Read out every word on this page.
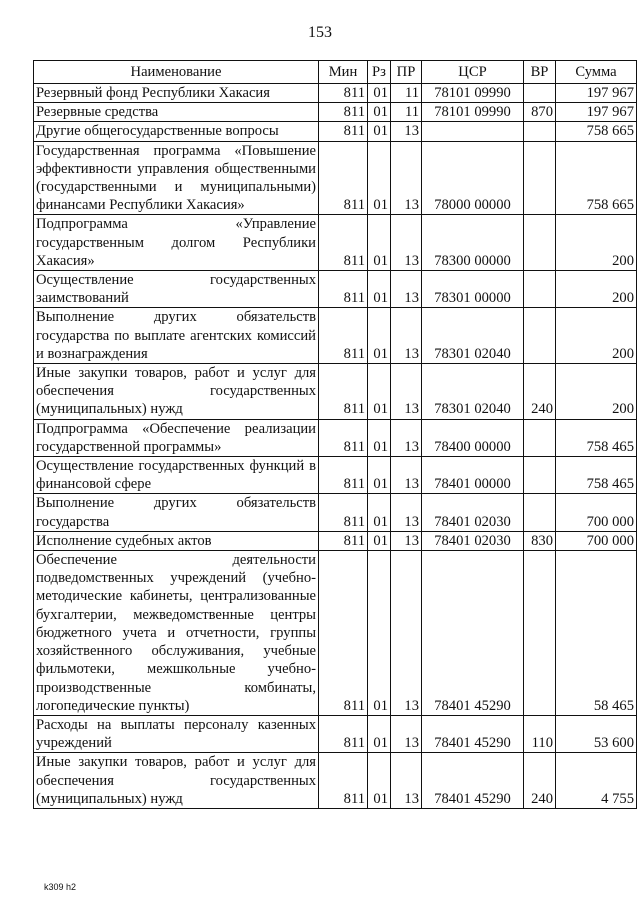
153
Наименование	Мин	Рз	ПР	ЦСР	ВР	Сумма
Резервный фонд Республики Хакасия	811	01	11	78101 09990		197 967
Резервные средства	811	01	11	78101 09990	870	197 967
Другие общегосударственные вопросы	811	01	13			758 665
Государственная программа «Повышение эффективности управления общественными (государственными и муниципальными) финансами Республики Хакасия»	811	01	13	78000 00000		758 665
Подпрограмма «Управление государственным долгом Республики Хакасия»	811	01	13	78300 00000		200
Осуществление государственных заимствований	811	01	13	78301 00000		200
Выполнение других обязательств государства по выплате агентских комиссий и вознаграждения	811	01	13	78301 02040		200
Иные закупки товаров, работ и услуг для обеспечения государственных (муниципальных) нужд	811	01	13	78301 02040	240	200
Подпрограмма «Обеспечение реализации государственной программы»	811	01	13	78400 00000		758 465
Осуществление государственных функций в финансовой сфере	811	01	13	78401 00000		758 465
Выполнение других обязательств государства	811	01	13	78401 02030		700 000
Исполнение судебных актов	811	01	13	78401 02030	830	700 000
Обеспечение деятельности подведомственных учреждений (учебно-методические кабинеты, централизованные бухгалтерии, межведомственные центры бюджетного учета и отчетности, группы хозяйственного обслуживания, учебные фильмотеки, межшкольные учебно-производственные комбинаты, логопедические пункты)	811	01	13	78401 45290		58 465
Расходы на выплаты персоналу казенных учреждений	811	01	13	78401 45290	110	53 600
Иные закупки товаров, работ и услуг для обеспечения государственных (муниципальных) нужд	811	01	13	78401 45290	240	4 755
k309 h2
